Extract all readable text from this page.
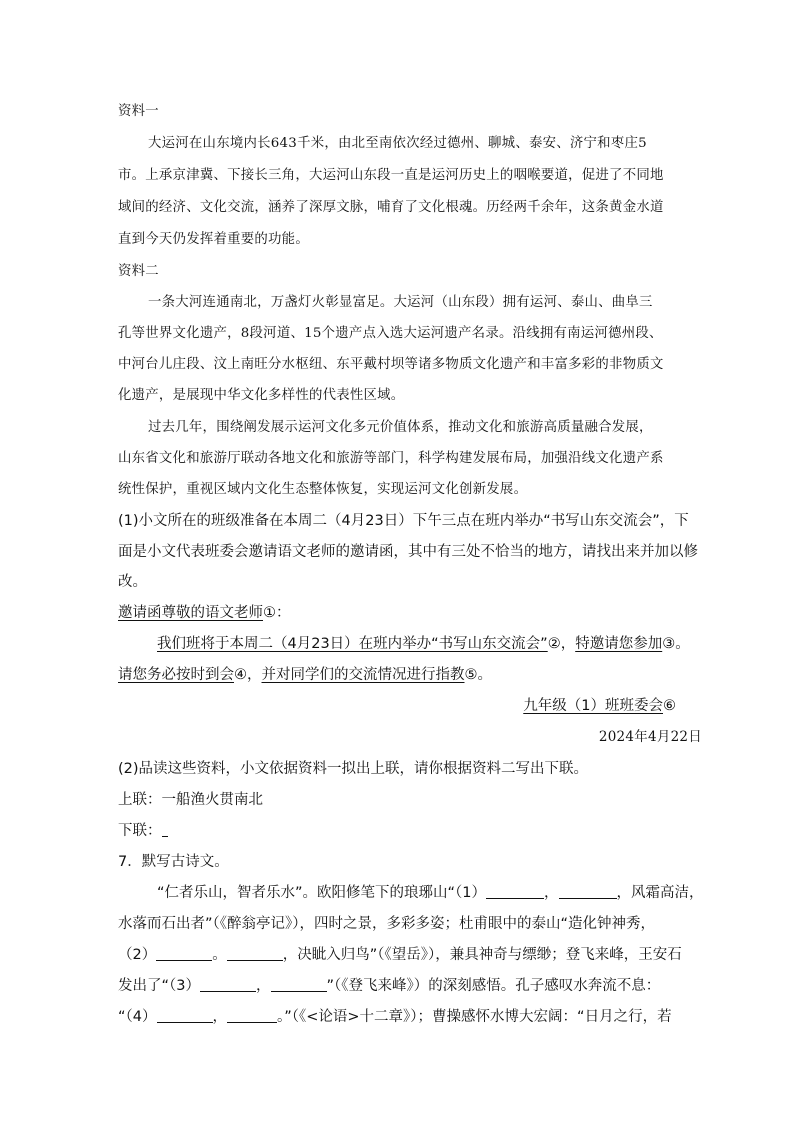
资料一
大运河在山东境内长643千米，由北至南依次经过德州、聊城、泰安、济宁和枣庄5
市。上承京津冀、下接长三角，大运河山东段一直是运河历史上的咽喉要道，促进了不同地
域间的经济、文化交流，涵养了深厚文脉，哺育了文化根魂。历经两千余年，这条黄金水道
直到今天仍发挥着重要的功能。
资料二
一条大河连通南北，万盏灯火彰显富足。大运河（山东段）拥有运河、泰山、曲阜三
孔等世界文化遗产，8段河道、15个遗产点入选大运河遗产名录。沿线拥有南运河德州段、
中河台儿庄段、汶上南旺分水枢纽、东平戴村坝等诸多物质文化遗产和丰富多彩的非物质文
化遗产，是展现中华文化多样性的代表性区域。
过去几年，围绕阐发展示运河文化多元价值体系，推动文化和旅游高质量融合发展，
山东省文化和旅游厅联动各地文化和旅游等部门，科学构建发展布局，加强沿线文化遗产系
统性保护，重视区域内文化生态整体恢复，实现运河文化创新发展。
(1)小文所在的班级准备在本周二（4月23日）下午三点在班内举办“书写山东交流会”，下
面是小文代表班委会邀请语文老师的邀请函，其中有三处不恰当的地方，请找出来并加以修
改。
邀请函尊敬的语文老师①：
我们班将于本周二（4月23日）在班内举办“书写山东交流会”②，特邀请您参加③。
请您务必按时到会④，并对同学们的交流情况进行指教⑤。
九年级（1）班班委会⑥
2024年4月22日
(2)品读这些资料，小文依据资料一拟出上联，请你根据资料二写出下联。
上联：一船渔火贯南北
下联：
7．默写古诗文。
“仁者乐山，智者乐水”。欧阳修笔下的琅琊山“（1）	，	，风霜高洁，
水落而石出者”（《醉翁亭记》），四时之景，多彩多姿；杜甫眼中的泰山“造化钟神秀，
（2）	。	，决眦入归鸟”（《望岳》），兼具神奇与缥缈；登飞来峰，王安石
发出了“（3）	，	”（《登飞来峰》）的深刻感悟。孔子感叹水奔流不息：
“（4）	，	。”（《<论语>十二章》）；曹操感怀水博大宏阔：“日月之行，若
